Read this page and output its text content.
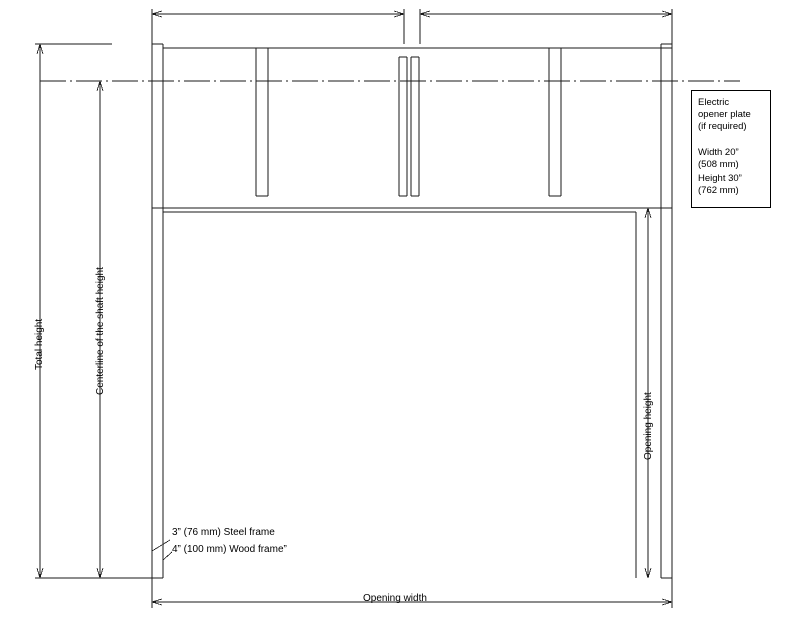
Total height	Centerline of the shaft height
Opening height
Opening width
3” (76 mm) Steel frame
4” (100 mm) Wood frame”
Electric
opener plate
(if required)
Width 20”
(508 mm)
Height 30”
(762 mm)
